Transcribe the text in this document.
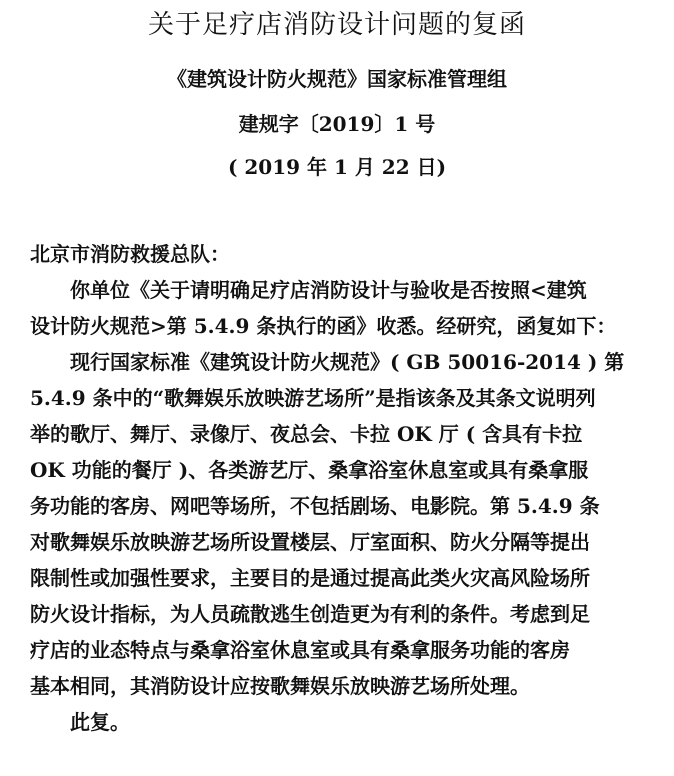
关于足疗店消防设计问题的复函
《建筑设计防火规范》国家标准管理组
建规字〔2019〕1 号
( 2019 年 1 月 22 日)
北京市消防救援总队：
你单位《关于请明确足疗店消防设计与验收是否按照<建筑
设计防火规范>第 5.4.9 条执行的函》收悉。经研究，函复如下：
现行国家标准《建筑设计防火规范》( GB 50016-2014 ) 第
5.4.9 条中的“歌舞娱乐放映游艺场所”是指该条及其条文说明列
举的歌厅、舞厅、录像厅、夜总会、卡拉 OK 厅 ( 含具有卡拉
OK 功能的餐厅 )、各类游艺厅、桑拿浴室休息室或具有桑拿服
务功能的客房、网吧等场所，不包括剧场、电影院。第 5.4.9 条
对歌舞娱乐放映游艺场所设置楼层、厅室面积、防火分隔等提出
限制性或加强性要求，主要目的是通过提高此类火灾高风险场所
防火设计指标，为人员疏散逃生创造更为有利的条件。考虑到足
疗店的业态特点与桑拿浴室休息室或具有桑拿服务功能的客房
基本相同，其消防设计应按歌舞娱乐放映游艺场所处理。
此复。
